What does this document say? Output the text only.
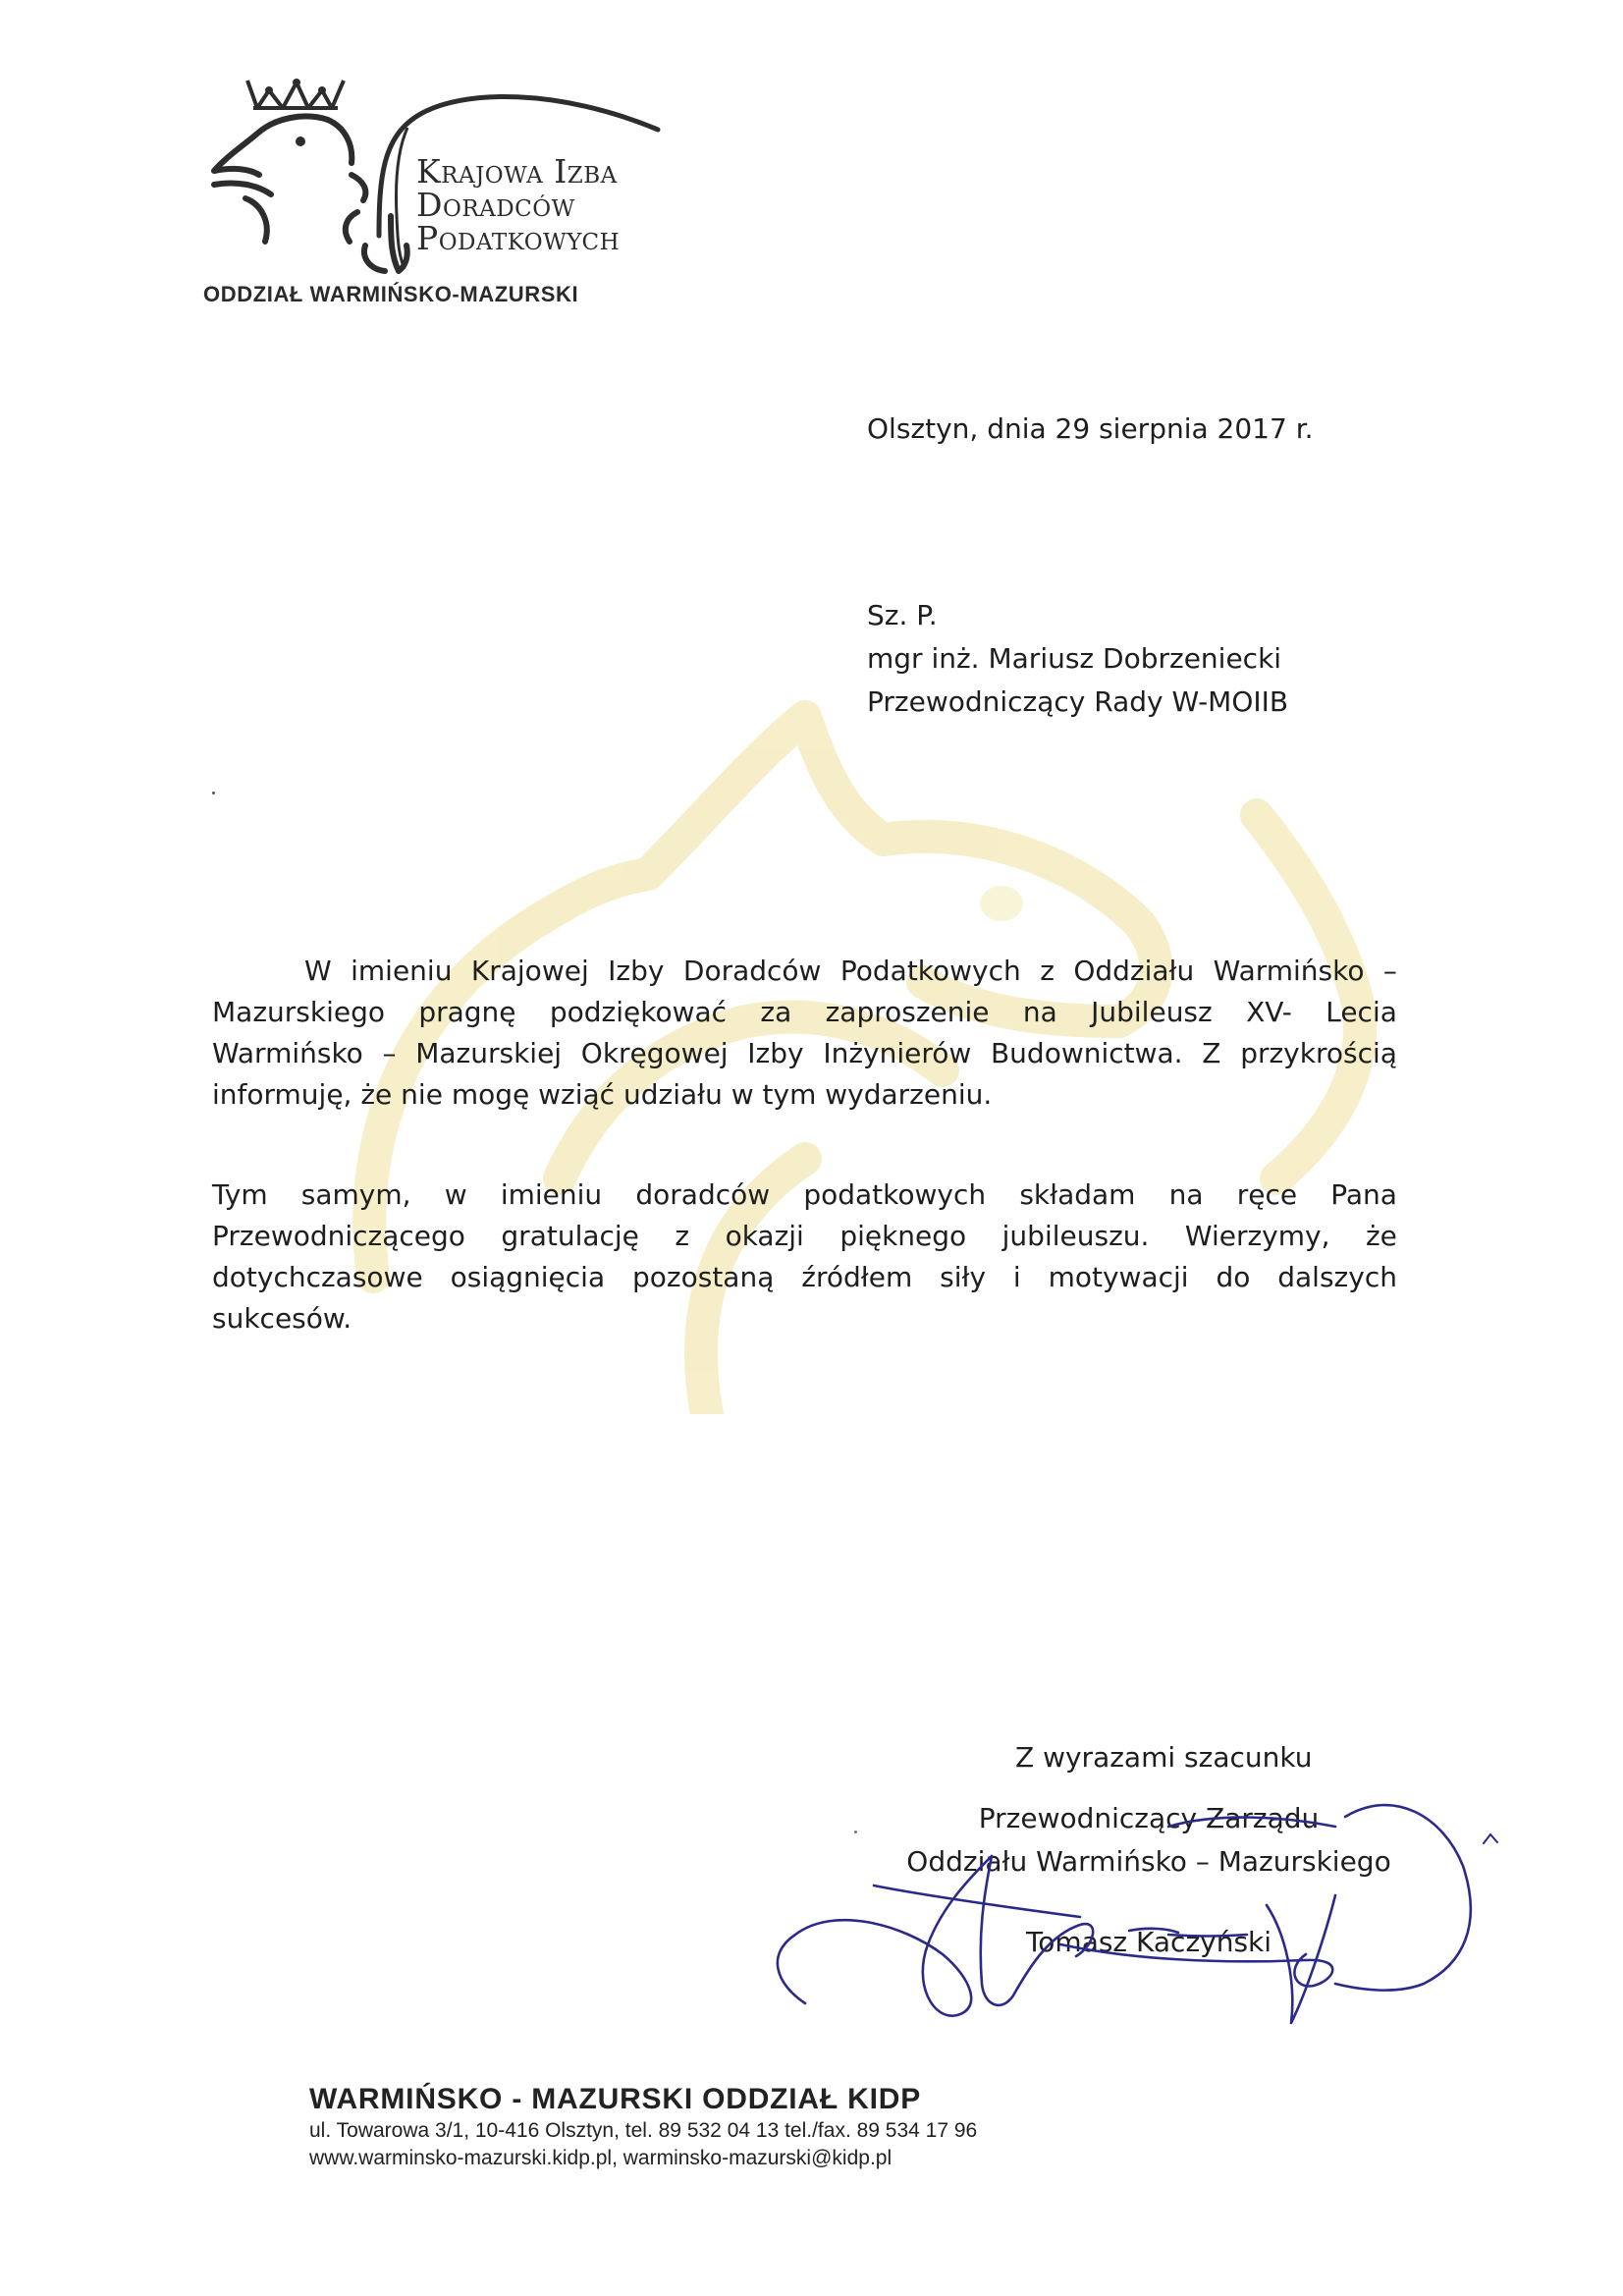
Krajowa Izba
Doradców
Podatkowych
ODDZIAŁ WARMIŃSKO-MAZURSKI
Olsztyn, dnia 29 sierpnia 2017 r.
Sz. P.
mgr inż. Mariusz Dobrzeniecki
Przewodniczący Rady W-MOIIB
W imieniu Krajowej Izby Doradców Podatkowych z Oddziału Warmińsko –
Mazurskiego pragnę podziękować za zaproszenie na Jubileusz XV- Lecia
Warmińsko – Mazurskiej Okręgowej Izby Inżynierów Budownictwa. Z przykrością
informuję, że nie mogę wziąć udziału w tym wydarzeniu.
Tym samym, w imieniu doradców podatkowych składam na ręce Pana
Przewodniczącego gratulację z okazji pięknego jubileuszu. Wierzymy, że
dotychczasowe osiągnięcia pozostaną źródłem siły i motywacji do dalszych
sukcesów.
Z wyrazami szacunku
Przewodniczący Zarządu
Oddziału Warmińsko – Mazurskiego
Tomasz Kaczyński
WARMIŃSKO - MAZURSKI ODDZIAŁ KIDP
ul. Towarowa 3/1, 10-416 Olsztyn, tel. 89 532 04 13 tel./fax. 89 534 17 96
www.warminsko-mazurski.kidp.pl, warminsko-mazurski@kidp.pl
